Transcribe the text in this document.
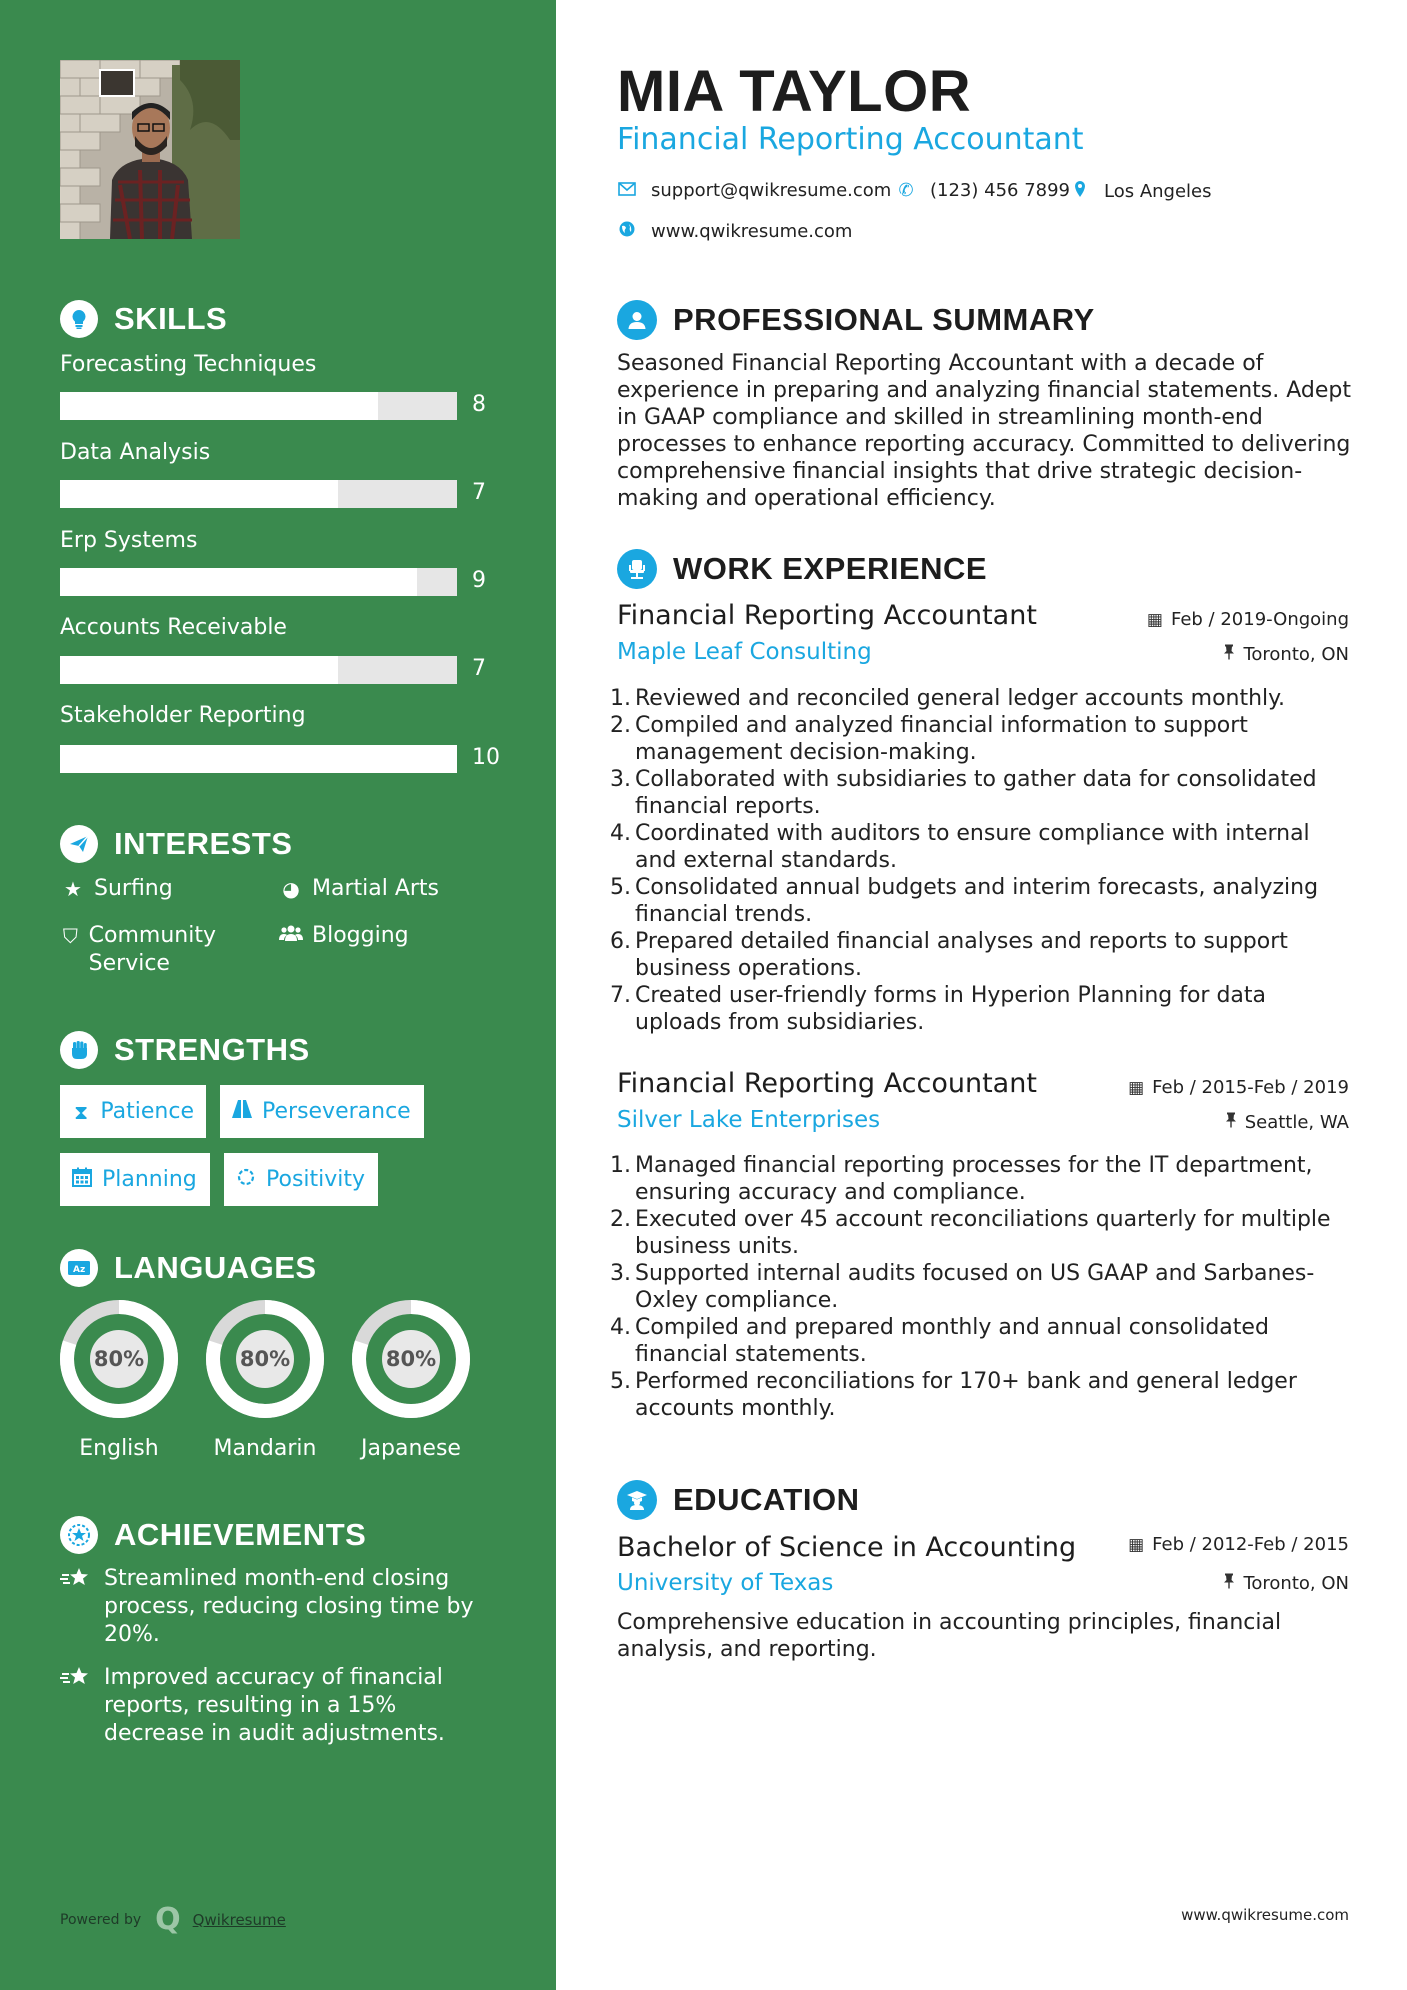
SKILLS
Forecasting Techniques
8
Data Analysis
7
Erp Systems
9
Accounts Receivable
7
Stakeholder Reporting
10
INTERESTS
★ Surfing	◕ Martial Arts
⛉ Community Service
Blogging
STRENGTHS
⧗ Patience	Perseverance
Planning	Positivity
A z LANGUAGES
80%
English
80%
Mandarin
80%
Japanese
ACHIEVEMENTS
Streamlined month-end closing process, reducing closing time by 20%.
Improved accuracy of financial reports, resulting in a 15% decrease in audit adjustments.
Powered by Q Qwikresume
MIA TAYLOR
Financial Reporting Accountant
support@qwikresume.com ✆ (123) 456 7899 Los Angeles
www.qwikresume.com
PROFESSIONAL SUMMARY
Seasoned Financial Reporting Accountant with a decade of experience in preparing and analyzing financial statements. Adept in GAAP compliance and skilled in streamlining month-end processes to enhance reporting accuracy. Committed to delivering comprehensive financial insights that drive strategic decision-making and operational efficiency.
WORK EXPERIENCE
Financial Reporting Accountant	▦ Feb / 2019-Ongoing
Maple Leaf Consulting	Toronto, ON
1. Reviewed and reconciled general ledger accounts monthly.
2. Compiled and analyzed financial information to support management decision-making.
3. Collaborated with subsidiaries to gather data for consolidated financial reports.
4. Coordinated with auditors to ensure compliance with internal and external standards.
5. Consolidated annual budgets and interim forecasts, analyzing financial trends.
6. Prepared detailed financial analyses and reports to support business operations.
7. Created user-friendly forms in Hyperion Planning for data uploads from subsidiaries.
Financial Reporting Accountant	▦ Feb / 2015-Feb / 2019
Silver Lake Enterprises	Seattle, WA
1. Managed financial reporting processes for the IT department, ensuring accuracy and compliance.
2. Executed over 45 account reconciliations quarterly for multiple business units.
3. Supported internal audits focused on US GAAP and Sarbanes-Oxley compliance.
4. Compiled and prepared monthly and annual consolidated financial statements.
5. Performed reconciliations for 170+ bank and general ledger accounts monthly.
EDUCATION
Bachelor of Science in Accounting	▦ Feb / 2012-Feb / 2015
University of Texas	Toronto, ON
Comprehensive education in accounting principles, financial analysis, and reporting.
www.qwikresume.com
